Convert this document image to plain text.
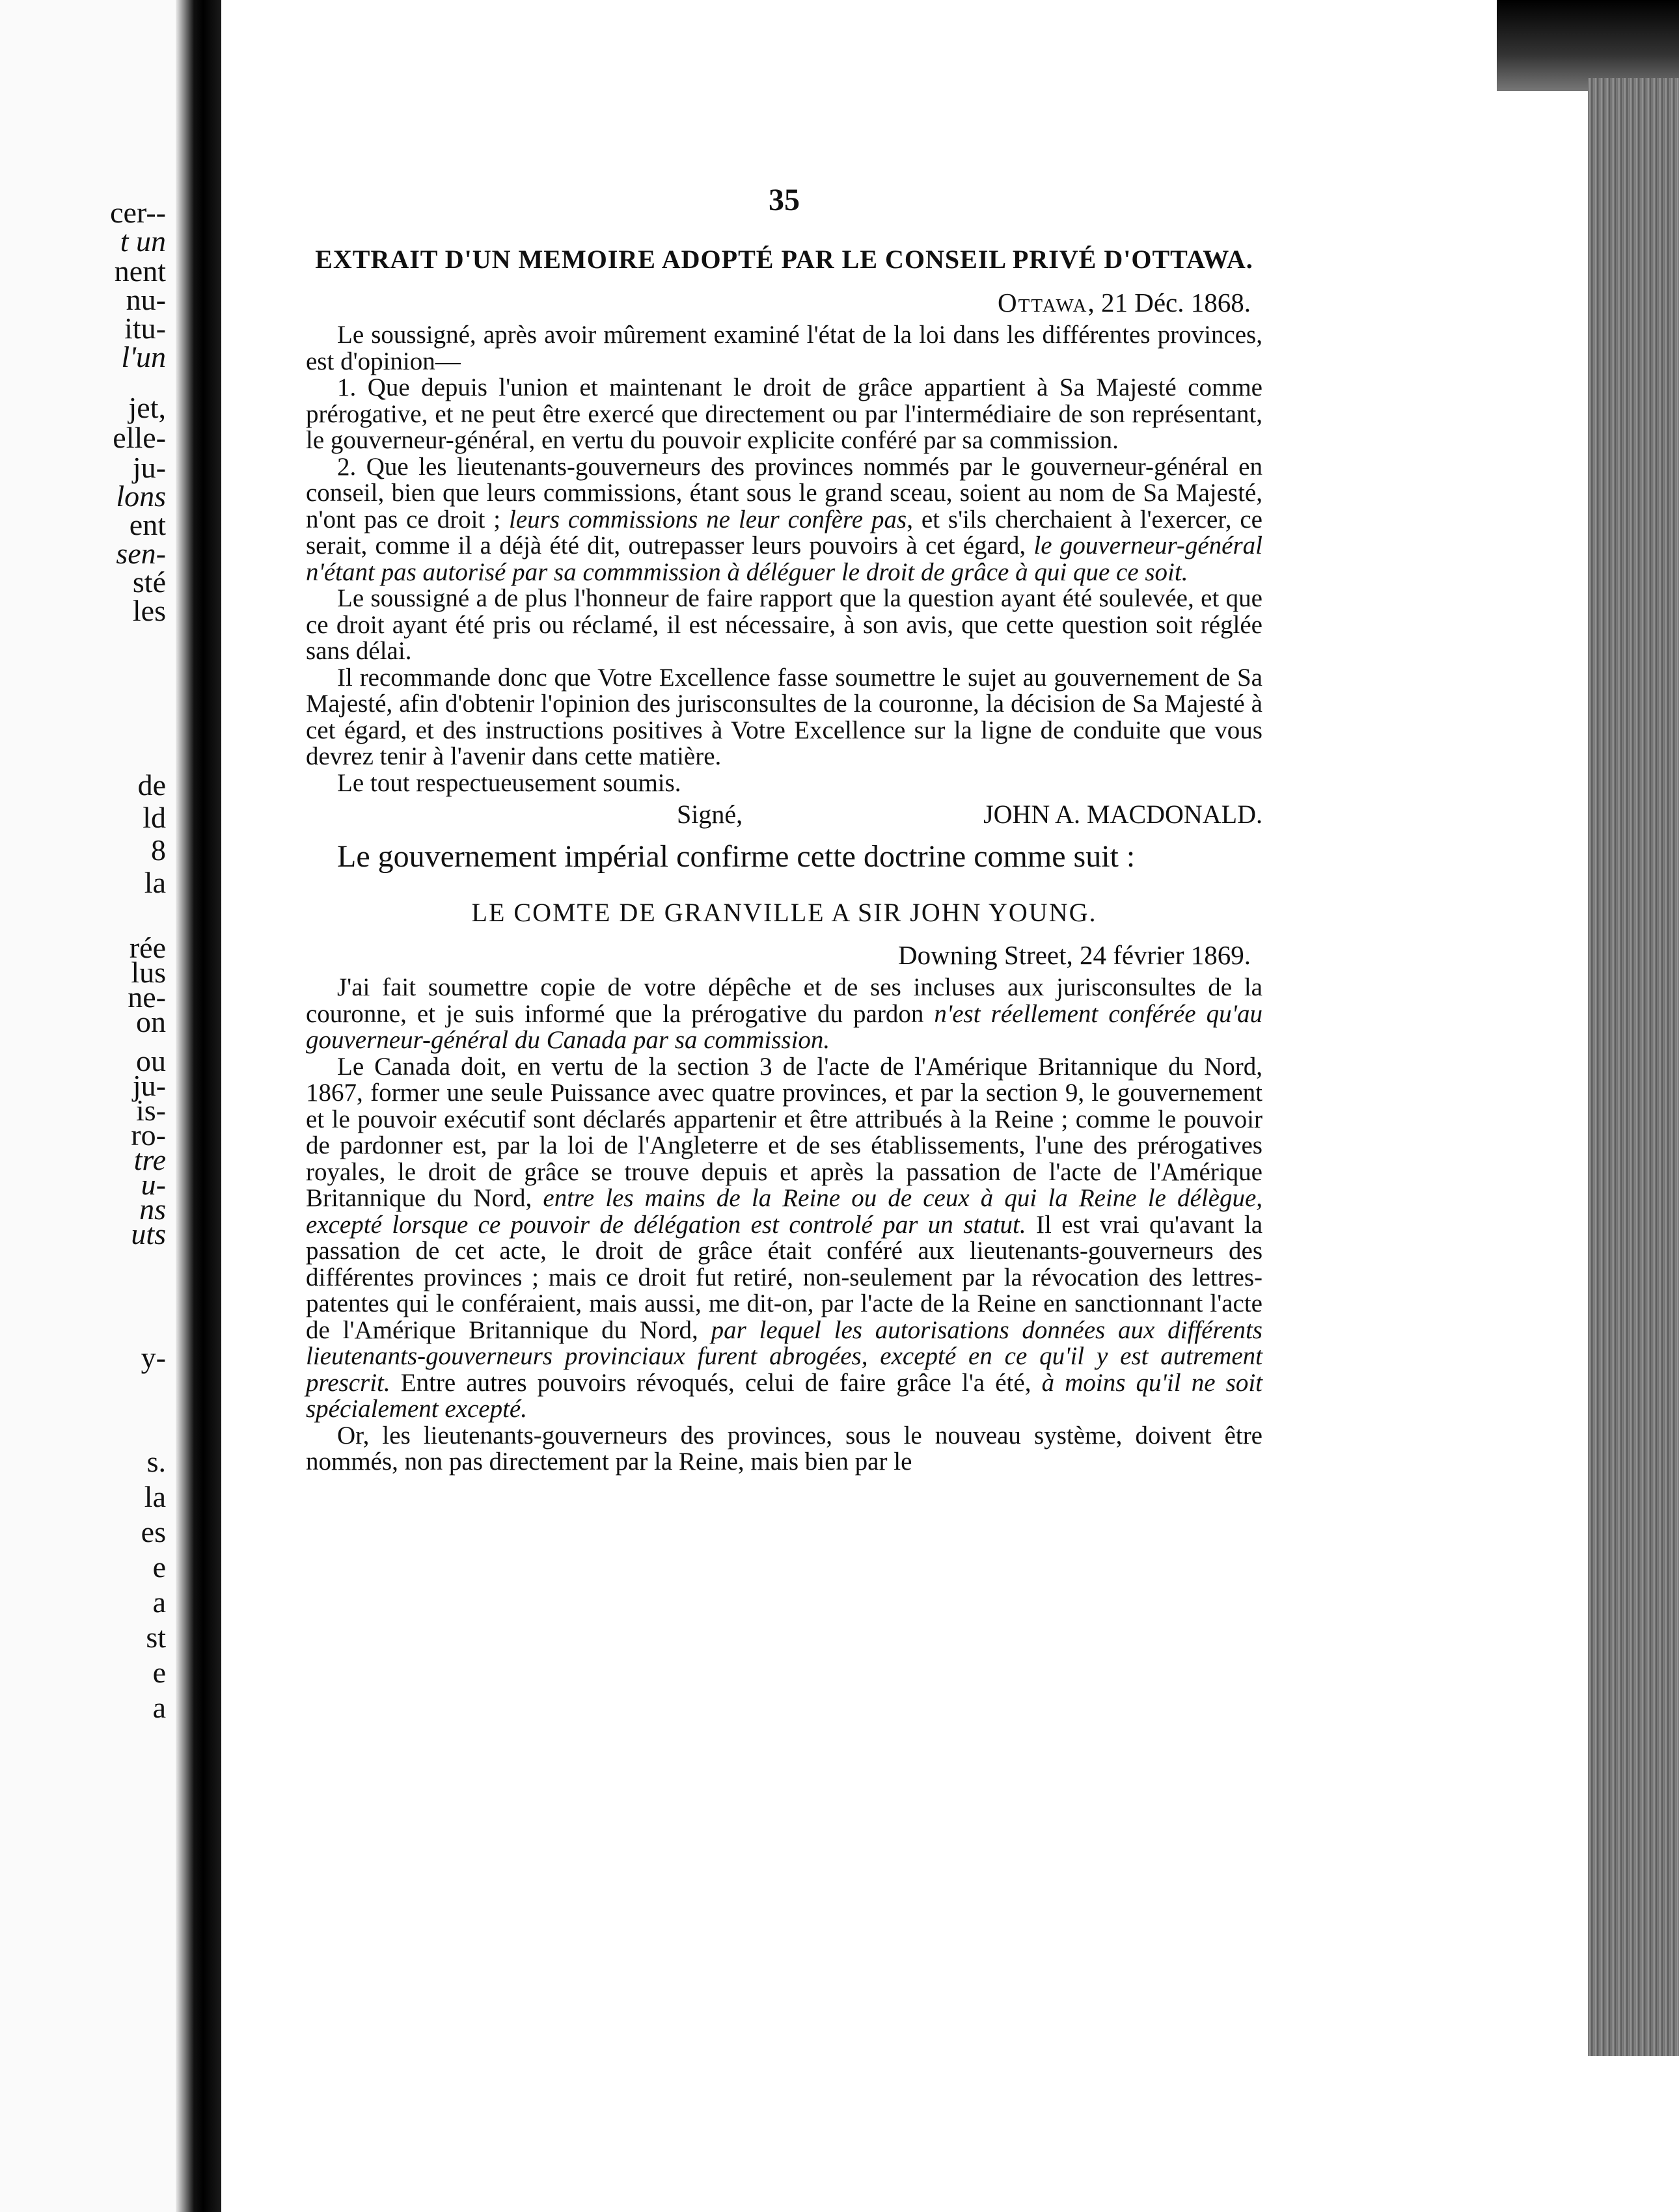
cer--
t un
nent
nu-
itu-
l'un
jet,
elle-
ju-
lons
ent
sen-
sté
les
de
ld
8
la
rée
lus
ne-
on
ou
ju-
is-
ro-
tre
u-
ns
uts
y-
s.
la
es
e
a
st
e
a
35
EXTRAIT D'UN MEMOIRE ADOPTÉ PAR LE CONSEIL PRIVÉ D'OTTAWA.
Ottawa, 21 Déc. 1868.

Le soussigné, après avoir mûrement examiné l'état de la loi dans les différentes provinces, est d'opinion—

1. Que depuis l'union et maintenant le droit de grâce appartient à Sa Majesté comme prérogative, et ne peut être exercé que directement ou par l'intermédiaire de son représentant, le gouverneur-général, en vertu du pouvoir explicite conféré par sa commission.

2. Que les lieutenants-gouverneurs des provinces nommés par le gouverneur-général en conseil, bien que leurs commissions, étant sous le grand sceau, soient au nom de Sa Majesté, n'ont pas ce droit ; leurs commissions ne leur confère pas, et s'ils cherchaient à l'exercer, ce serait, comme il a déjà été dit, outrepasser leurs pouvoirs à cet égard, le gouverneur-général n'étant pas autorisé par sa commmission à déléguer le droit de grâce à qui que ce soit.

Le soussigné a de plus l'honneur de faire rapport que la question ayant été soulevée, et que ce droit ayant été pris ou réclamé, il est nécessaire, à son avis, que cette question soit réglée sans délai.

Il recommande donc que Votre Excellence fasse soumettre le sujet au gouvernement de Sa Majesté, afin d'obtenir l'opinion des jurisconsultes de la couronne, la décision de Sa Majesté à cet égard, et des instructions positives à Votre Excellence sur la ligne de conduite que vous devrez tenir à l'avenir dans cette matière.

Le tout respectueusement soumis.

Signé,	JOHN A. MACDONALD.

Le gouvernement impérial confirme cette doctrine comme suit :

LE COMTE DE GRANVILLE A SIR JOHN YOUNG.
Downing Street, 24 février 1869.

J'ai fait soumettre copie de votre dépêche et de ses incluses aux jurisconsultes de la couronne, et je suis informé que la prérogative du pardon n'est réellement conférée qu'au gouverneur-général du Canada par sa commission.

Le Canada doit, en vertu de la section 3 de l'acte de l'Amérique Britannique du Nord, 1867, former une seule Puissance avec quatre provinces, et par la section 9, le gouvernement et le pouvoir exécutif sont déclarés appartenir et être attribués à la Reine ; comme le pouvoir de pardonner est, par la loi de l'Angleterre et de ses établissements, l'une des prérogatives royales, le droit de grâce se trouve depuis et après la passation de l'acte de l'Amérique Britannique du Nord, entre les mains de la Reine ou de ceux à qui la Reine le délègue, excepté lorsque ce pouvoir de délégation est controlé par un statut. Il est vrai qu'avant la passation de cet acte, le droit de grâce était conféré aux lieutenants-gouverneurs des différentes provinces ; mais ce droit fut retiré, non-seulement par la révocation des lettres-patentes qui le conféraient, mais aussi, me dit-on, par l'acte de la Reine en sanctionnant l'acte de l'Amérique Britannique du Nord, par lequel les autorisations données aux différents lieutenants-gouverneurs provinciaux furent abrogées, excepté en ce qu'il y est autrement prescrit. Entre autres pouvoirs révoqués, celui de faire grâce l'a été, à moins qu'il ne soit spécialement excepté.

Or, les lieutenants-gouverneurs des provinces, sous le nouveau système, doivent être nommés, non pas directement par la Reine, mais bien par le
